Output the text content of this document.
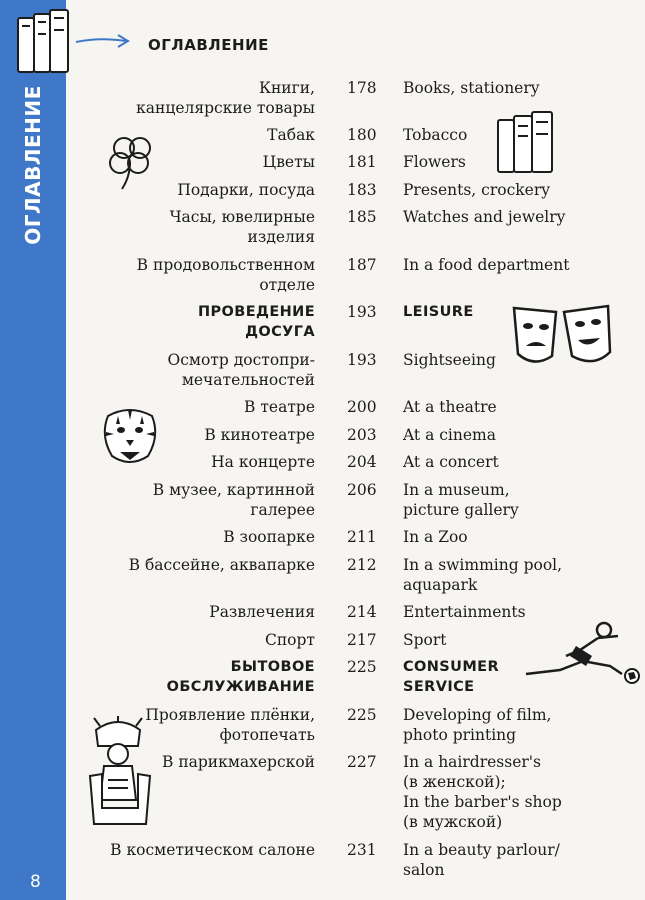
ОГЛАВЛЕНИЕ
8
ОГЛАВЛЕНИЕ
Книги,
канцелярские товары
178 Books, stationery
Табак 180 Tobacco
Цветы 181 Flowers
Подарки, посуда 183 Presents, crockery
Часы, ювелирные
изделия
185 Watches and jewelry
В продовольственном
отделе
187 In a food department
ПРОВЕДЕНИЕ
ДОСУГА
193 LEISURE
Осмотр достопри-
мечательностей
193 Sightseeing
В театре 200 At a theatre
В кинотеатре 203 At a cinema
На концерте 204 At a concert
В музее, картинной
галерее
206 In a museum,
picture gallery
В зоопарке 211 In a Zoo
В бассейне, аквапарке 212 In a swimming pool,
aquapark
Развлечения 214 Entertainments
Спорт 217 Sport
БЫТОВОЕ
ОБСЛУЖИВАНИЕ
225 CONSUMER
SERVICE
Проявление плёнки,
фотопечать
225 Developing of film,
photo printing
В парикмахерской 227 In a hairdresser's
(в женской);
In the barber's shop
(в мужской)
В косметическом салоне 231 In a beauty parlour/
salon
